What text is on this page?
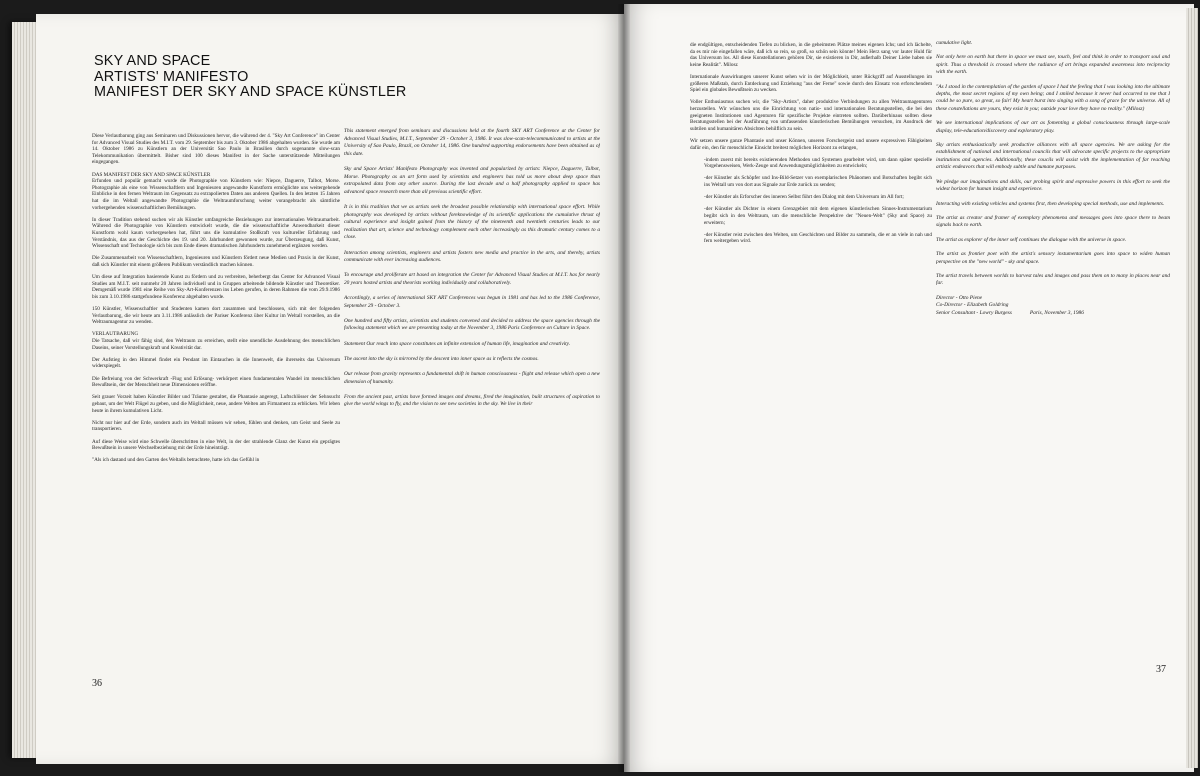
SKY AND SPACE
ARTISTS' MANIFESTO
MANIFEST DER SKY AND SPACE KÜNSTLER

Diese Verlautbarung ging aus Seminaren und Diskussionen hervor, die während der 4. "Sky Art Conference" im Center for Advanced Visual Studies des M.I.T. vom 29. September bis zum 3. Oktober 1986 abgehalten wurden. Sie wurde am 14. Oktober 1986 zu Künstlern an der Universität Sao Paulo in Brasilien durch sogenannte slow-scan Telekommunikation übermittelt. Bisher sind 100 dieses Manifest in der Sache unterstützende Mitteilungen eingegangen.

DAS MANIFEST DER SKY AND SPACE KÜNSTLER

Erfunden und populär gemacht wurde die Photographie von Künstlern wie: Niepce, Daguerre, Talbot, Morse. Photographie als eine von Wissenschaftlern und Ingenieuren angewandte Kunstform ermöglichte uns weitergehende Einblicke in den fernen Weltraum im Gegensatz zu extrapolierten Daten aus anderen Quellen. In den letzten 15 Jahren hat die im Weltall angewandte Photographie die Weltraumforschung weiter vorangebracht als sämtliche vorhergehenden wissenschaftlichen Bemühungen.

In dieser Tradition stehend suchen wir als Künstler umfangreiche Beziehungen zur internationalen Weltraumarbeit. Während die Photographie von Künstlern entwickelt wurde, die die wissenschaftliche Anwendbarkeit dieser Kunstform wohl kaum vorhergesehen hat, führt uns die kumulative Stoßkraft von kultureller Erfahrung und Verständnis, das aus der Geschichte des 19. und 20. Jahrhundert gewonnen wurde, zur Überzeugung, daß Kunst, Wissenschaft und Technologie sich bis zum Ende dieses dramatischen Jahrhunderts zunehmend ergänzen werden.

Die Zusammenarbeit von Wissenschaftlern, Ingenieuren und Künstlern fördert neue Medien und Praxis in der Kunst, daß sich Künstler mit einem größeren Publikum verständlich machen können.

Um diese auf Integration basierende Kunst zu fördern und zu verbreiten, beherbergt das Center for Advanced Visual Studies am M.I.T. seit nunmehr 20 Jahren individuell und in Gruppen arbeitende bildende Künstler und Theoretiker. Demgemäß wurde 1981 eine Reihe von Sky-Art-Konferenzen ins Leben gerufen, in deren Rahmen die vom 29.9.1986 bis zum 3.10.1986 stattgefundene Konferenz abgehalten wurde.

150 Künstler, Wissenschaftler und Studenten kamen dort zusammen und beschlossen, sich mit der folgenden Verlautbarung, die wir heute am 3.11.1986 anlässlich der Pariser Konferenz über Kultur im Weltall vorstellen, an die Weltraumagentur zu wenden.

VERLAUTBARUNG

Die Tatsache, daß wir fähig sind, den Weltraum zu erreichen, stellt eine unendliche Ausdehnung des menschlichen Daseins, seiner Vorstellungskraft und Kreativität dar.

Der Aufstieg in den Himmel findet ein Pendant im Eintauchen in die Innenwelt, die ihrerseits das Universum widerspiegelt.

Die Befreiung von der Schwerkraft -Flug und Erlösung- verkörpert einen fundamentalen Wandel im menschlichen Bewußtsein, der der Menschheit neue Dimensionen eröffne.

Seit grauer Vorzeit haben Künstler Bilder und Träume gestaltet, die Phantasie angeregt, Luftschlösser der Sehnsucht gebaut, um der Welt Flügel zu geben, und die Möglichkeit, neue, andere Welten am Firmament zu erblicken. Wir leben heute in ihrem kumulativen Licht.

Nicht nur hier auf der Erde, sondern auch im Weltall müssen wir sehen, fühlen und denken, um Geist und Seele zu transportieren.

Auf diese Weise wird eine Schwelle überschritten in eine Welt, in der der strahlende Glanz der Kunst ein geprägtes Bewußtsein in unsere Wechselbeziehung mit der Erde hineinträgt.

"Als ich dastand und den Garten des Weltalls betrachtete, hatte ich das Gefühl in

This statement emerged from seminars and discussions held at the fourth SKY ART Conference at the Center for Advanced Visual Studies, M.I.T., September 29 - October 3, 1986. It was slow-scan-telecommunicated to artists at the University of Sao Paulo, Brazil, on October 14, 1986. One hundred supporting endorsements have been obtained as of this date.

Sky and Space Artists' Manifesto Photography was invented and popularized by artists: Niepce, Daguerre, Talbot, Morse. Photography as an art form used by scientists and engineers has told us more about deep space than extrapolated data from any other source. During the last decade and a half photography applied to space has advanced space research more than all previous scientific effort.

It is in this tradition that we as artists seek the broadest possible relationship with international space effort. While photography was developed by artists without foreknowledge of its scientific applications the cumulative thrust of cultural experience and insight gained from the history of the nineteenth and twentieth centuries leads to our realization that art, science and technology complement each other increasingly as this dramatic century comes to a close.

Interaction among scientists, engineers and artists fosters new media and practice in the arts, and thereby, artists communicate with ever increasing audiences.

To encourage and proliferate art based on integration the Center for Advanced Visual Studies at M.I.T. has for nearly 20 years hosted artists and theorists working individually and collaboratively.

Accordingly, a series of international SKY ART Conferences was begun in 1981 and has led to the 1986 Conference, September 29 - October 3.

One hundred and fifty artists, scientists and students convened and decided to address the space agencies through the following statement which we are presenting today at the November 3, 1986 Paris Conference on Culture in Space.

Statement Our reach into space constitutes an infinite extension of human life, imagination and creativity.

The ascent into the sky is mirrored by the descent into inner space as it reflects the cosmos.

Our release from gravity represents a fundamental shift in human consciousness - flight and release which open a new dimension of humanity.

From the ancient past, artists have formed images and dreams, fired the imagination, built structures of aspiration to give the world wings to fly, and the vision to see new societies in the sky. We live in their

36

die endgültigen, entscheidenden Tiefen zu blicken, in die geheimsten Plätze meines eigenen Ichs; und ich lächelte, da es mir nie eingefallen wäre, daß ich so rein, so groß, so schön sein könnte! Mein Herz sang vor lauter Huld für das Universum los. All diese Konstellationen gehören Dir, sie existieren in Dir, außerhalb Deiner Liebe haben sie keine Realität". Milosz

Internationale Auswirkungen unserer Kunst sehen wir in der Möglichkeit, unter Rückgriff auf Ausstellungen im größeren Maßstab, durch Entdeckung und Erziehung "aus der Ferne" sowie durch den Einsatz von erforschendem Spiel ein globales Bewußtsein zu wecken.

Voller Enthusiasmus suchen wir, die "Sky-Artists", daher produktive Verbindungen zu allen Weltraumagenturen herzustellen. Wir wünschen uns die Einrichtung von natio- und internationalen Beratungsstellen, die bei den geeigneten Institutionen und Agenturen für spezifische Projekte eintreten sollten. Darüberhinaus sollten diese Beratungsstellen bei der Ausführung von umfassenden künstlerischen Bemühungen versuchen, im Ausdruck der subtilen und humanitären Absichten behilflich zu sein.

Wir setzen unsere ganze Phantasie und unser Können, unseren Forschergeist und unsere expressiven Fähigkeiten dafür ein, den für menschliche Einsicht breitest möglichen Horizont zu erlangen,

-indem zuerst mit bereits existierenden Methoden und Systemen gearbeitet wird, um dann später spezielle Vorgehensweisen, Werk-Zeuge und Anwendungsmöglichkeiten zu entwickeln;

-der Künstler als Schöpfer und Ins-Bild-Setzer von exemplarischen Phänomen und Botschaften begibt sich ins Weltall um von dort aus Signale zur Erde zurück zu senden;

-der Künstler als Erforscher des inneren Selbst führt den Dialog mit dem Universum im All fort;

-der Künstler als Dichter in einem Grenzgebiet mit dem eigenen künstlerischen Sinnes-Instrumentarium begibt sich in den Weltraum, um die menschliche Perspektive der "Neuen-Welt" (Sky and Space) zu erweitern;

-der Künstler reist zwischen den Welten, um Geschichten und Bilder zu sammeln, die er an viele in nah und fern weitergeben wird.

cumulative light.

Not only here on earth but there in space we must see, touch, feel and think in order to transport soul and spirit. Thus a threshold is crossed where the radiance of art brings expanded awareness into reciprocity with the earth.

"As I stood in the contemplation of the garden of space I had the feeling that I was looking into the ultimate depths, the most secret regions of my own being; and I smiled because it never had occurred to me that I could be so pure, so great, so fair! My heart burst into singing with a song of grace for the universe. All of these constellations are yours, they exist in you; outside your love they have no reality." (Milosz)

We see international implications of our art as fomenting a global consciousness through large-scale display, tele-education/discovery and exploratory play.

Sky artists enthusiastically seek productive alliances with all space agencies. We are asking for the establishment of national and international councils that will advocate specific projects to the appropriate institutions and agencies. Additionally, these coucils will assist with the implementation of far reaching artistic endeavors that will embody subtle and humane purposes.

We pledge our imaginations and skills, our probing spirit and expressive powers in this effort to seek the widest horizon for human insight and experience.

Interacting with existing vehicles and systems first, then developing special methods, use and implements.

The artist as creator and framer of exemplary phenomena and messages goes into space there to beam signals back to earth.

The artist as explorer of the inner self continues the dialogue with the universe in space.

The artist as frontier poet with the artist's sensory instumentarium goes into space to widen human perspective on the "new world" - sky and space.

The artist travels between worlds to harvest tales and images and pass them on to many in places near and far.

Director - Otto Piene
Co-Director - Elizabeth Goldring
Senior Consultant - Lowry Burgess	Paris, November 3, 1986
37
